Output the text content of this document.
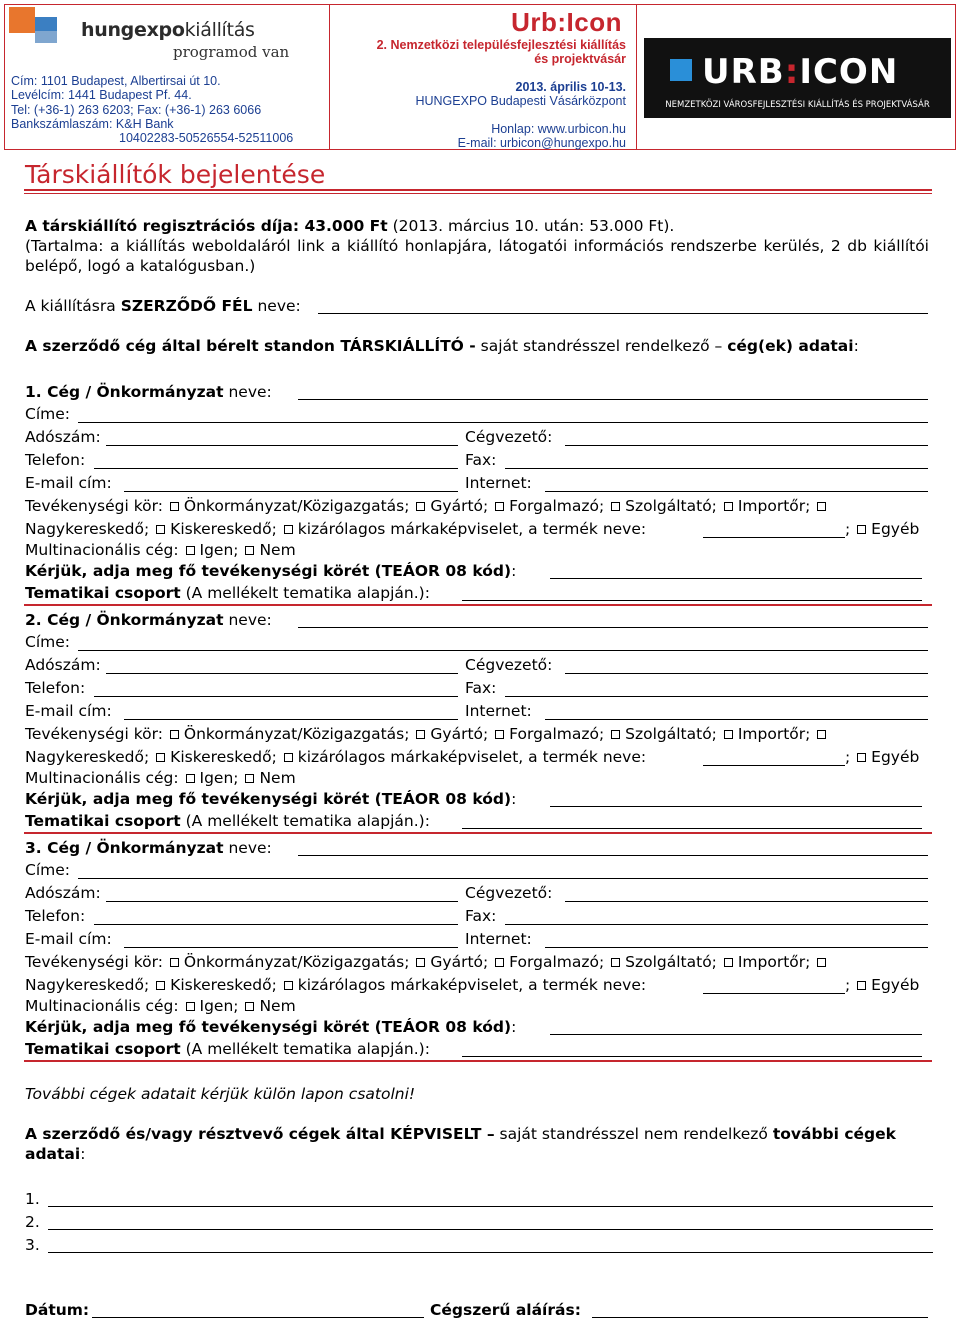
hungexpokiállítás
programod van
Cím: 1101 Budapest, Albertirsai út 10.
Levélcím: 1441 Budapest Pf. 44.
Tel: (+36-1) 263 6203; Fax: (+36-1) 263 6066
Bankszámlaszám: K&H Bank
10402283-50526554-52511006
Urb:Icon
2. Nemzetközi településfejlesztési kiállítás
és projektvásár
2013. április 10-13.
HUNGEXPO Budapesti Vásárközpont
Honlap: www.urbicon.hu
E-mail: urbicon@hungexpo.hu
URB:ICON
NEMZETKÖZI VÁROSFEJLESZTÉSI KIÁLLÍTÁS ÉS PROJEKTVÁSÁR
Társkiállítók bejelentése
A társkiállító regisztrációs díja: 43.000 Ft (2013. március 10. után: 53.000 Ft).
(Tartalma: a kiállítás weboldaláról link a kiállító honlapjára, látogatói információs rendszerbe kerülés, 2 db kiállítói belépő, logó a katalógusban.)
A kiállításra SZERZŐDŐ FÉL neve:
A szerződő cég által bérelt standon TÁRSKIÁLLÍTÓ - saját standrésszel rendelkező – cég(ek) adatai:
1. Cég / Önkormányzat neve:
Címe:
Adószám:	Cégvezető:
Telefon:	Fax:
E-mail cím:	Internet:
Tevékenységi kör: Önkormányzat/Közigazgatás; Gyártó; Forgalmazó; Szolgáltató; Importőr;
Nagykereskedő; Kiskereskedő; kizárólagos márkaképviselet, a termék neve:	; Egyéb
Multinacionális cég: Igen; Nem
Kérjük, adja meg fő tevékenységi körét (TEÁOR 08 kód):
Tematikai csoport (A mellékelt tematika alapján.):
2. Cég / Önkormányzat neve:
Címe:
Adószám:	Cégvezető:
Telefon:	Fax:
E-mail cím:	Internet:
Tevékenységi kör: Önkormányzat/Közigazgatás; Gyártó; Forgalmazó; Szolgáltató; Importőr;
Nagykereskedő; Kiskereskedő; kizárólagos márkaképviselet, a termék neve:	; Egyéb
Multinacionális cég: Igen; Nem
Kérjük, adja meg fő tevékenységi körét (TEÁOR 08 kód):
Tematikai csoport (A mellékelt tematika alapján.):
3. Cég / Önkormányzat neve:
Címe:
Adószám:	Cégvezető:
Telefon:	Fax:
E-mail cím:	Internet:
Tevékenységi kör: Önkormányzat/Közigazgatás; Gyártó; Forgalmazó; Szolgáltató; Importőr;
Nagykereskedő; Kiskereskedő; kizárólagos márkaképviselet, a termék neve:	; Egyéb
Multinacionális cég: Igen; Nem
Kérjük, adja meg fő tevékenységi körét (TEÁOR 08 kód):
Tematikai csoport (A mellékelt tematika alapján.):
További cégek adatait kérjük külön lapon csatolni!
A szerződő és/vagy résztvevő cégek által KÉPVISELT – saját standrésszel nem rendelkező további cégek adatai:
1.
2.
3.
Dátum:	Cégszerű aláírás:
